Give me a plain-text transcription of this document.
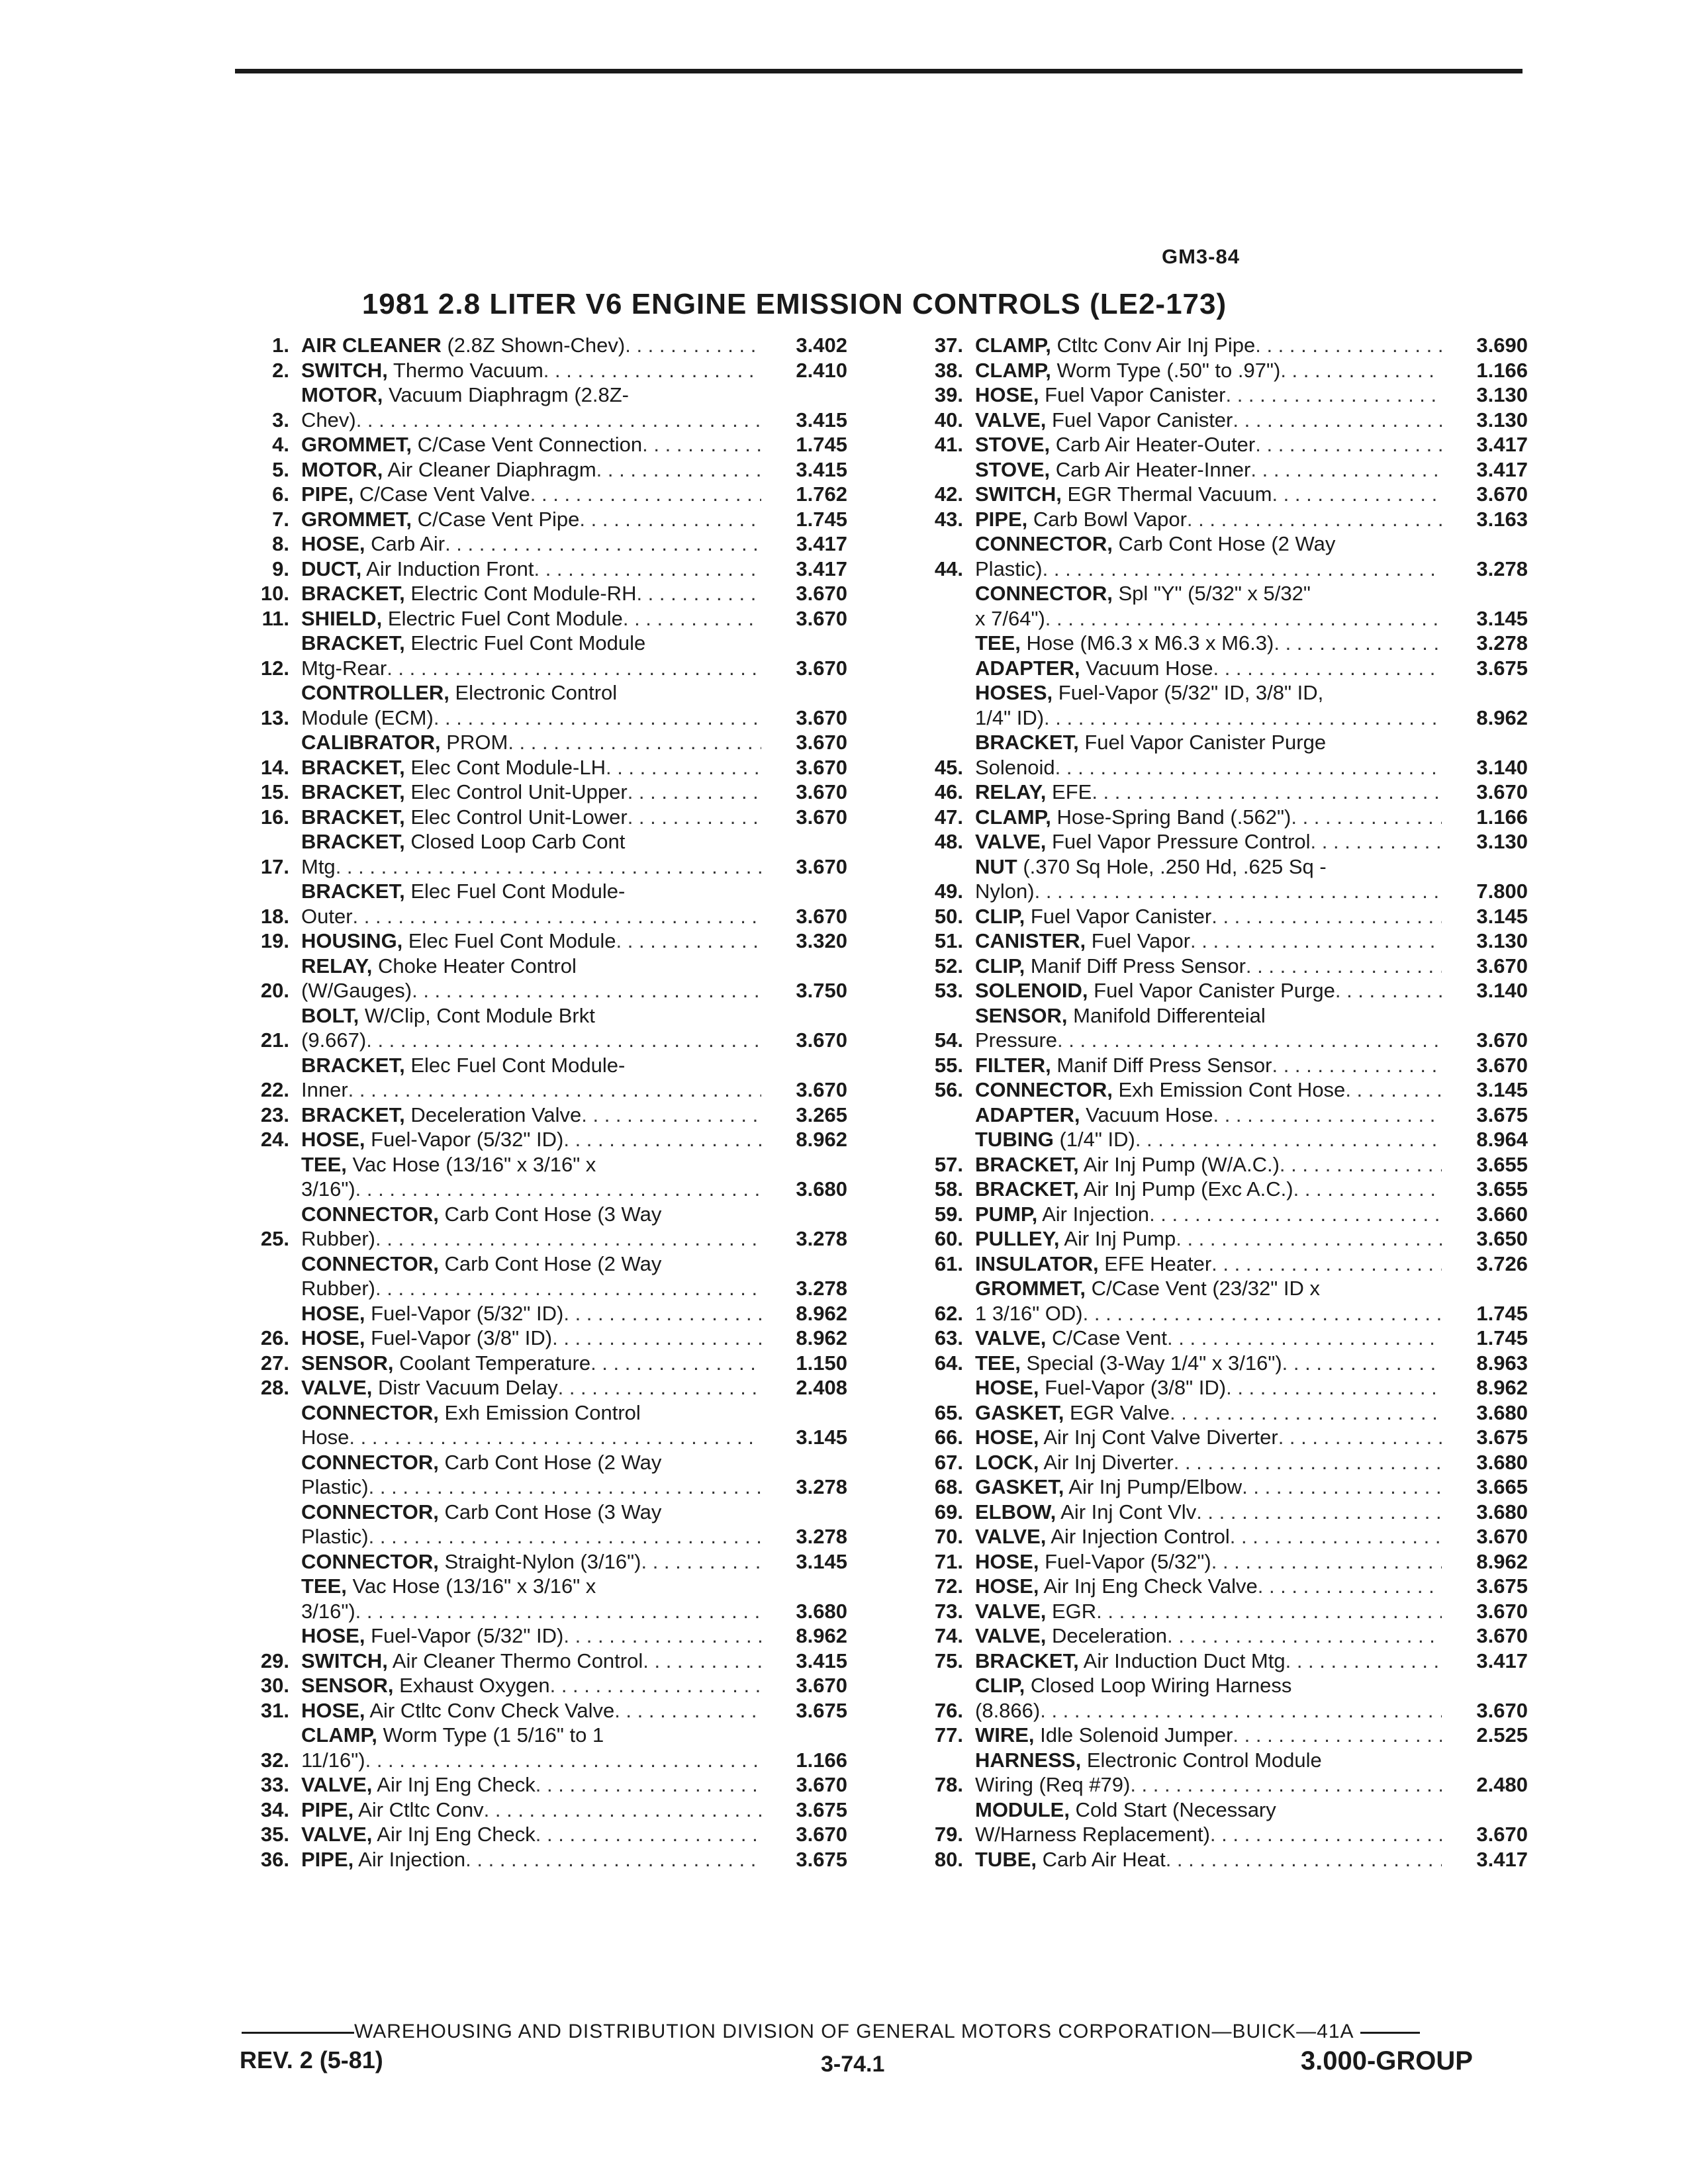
GM3-84
1981 2.8 LITER V6 ENGINE EMISSION CONTROLS (LE2-173)
1. AIR CLEANER (2.8Z Shown-Chev) . . .	3.402
2. SWITCH, Thermo Vacuum . . .	2.410
3.
MOTOR, Vacuum Diaphragm (2.8Z-
Chev) . . .	3.415
4. GROMMET, C/Case Vent Connection . . .	1.745
5. MOTOR, Air Cleaner Diaphragm . . .	3.415
6. PIPE, C/Case Vent Valve . . .	1.762
7. GROMMET, C/Case Vent Pipe . . .	1.745
8. HOSE, Carb Air . . .	3.417
9. DUCT, Air Induction Front . . .	3.417
10. BRACKET, Electric Cont Module-RH . . .	3.670
11. SHIELD, Electric Fuel Cont Module . . .	3.670
12.
BRACKET, Electric Fuel Cont Module
Mtg-Rear . . .	3.670
13.
CONTROLLER, Electronic Control
Module (ECM) . . .	3.670
CALIBRATOR, PROM . . .	3.670
14. BRACKET, Elec Cont Module-LH . . .	3.670
15. BRACKET, Elec Control Unit-Upper . . .	3.670
16. BRACKET, Elec Control Unit-Lower . . .	3.670
17.
BRACKET, Closed Loop Carb Cont
Mtg . . .	3.670
18.
BRACKET, Elec Fuel Cont Module-
Outer . . .	3.670
19. HOUSING, Elec Fuel Cont Module . . .	3.320
20.
RELAY, Choke Heater Control
(W/Gauges) . . .	3.750
21.
BOLT, W/Clip, Cont Module Brkt
(9.667) . . .	3.670
22.
BRACKET, Elec Fuel Cont Module-
Inner . . .	3.670
23. BRACKET, Deceleration Valve . . .	3.265
24. HOSE, Fuel-Vapor (5/32" ID) . . .	8.962
TEE, Vac Hose (13/16" x 3/16" x
3/16") . . .	3.680
25.
CONNECTOR, Carb Cont Hose (3 Way
Rubber) . . .	3.278
CONNECTOR, Carb Cont Hose (2 Way
Rubber) . . .	3.278
HOSE, Fuel-Vapor (5/32" ID) . . .	8.962
26. HOSE, Fuel-Vapor (3/8" ID) . . .	8.962
27. SENSOR, Coolant Temperature . . .	1.150
28. VALVE, Distr Vacuum Delay . . .	2.408
CONNECTOR, Exh Emission Control
Hose . . .	3.145
CONNECTOR, Carb Cont Hose (2 Way
Plastic) . . .	3.278
CONNECTOR, Carb Cont Hose (3 Way
Plastic) . . .	3.278
CONNECTOR, Straight-Nylon (3/16") . . .	3.145
TEE, Vac Hose (13/16" x 3/16" x
3/16") . . .	3.680
HOSE, Fuel-Vapor (5/32" ID) . . .	8.962
29. SWITCH, Air Cleaner Thermo Control . . .	3.415
30. SENSOR, Exhaust Oxygen . . .	3.670
31. HOSE, Air Ctltc Conv Check Valve . . .	3.675
32.
CLAMP, Worm Type (1 5/16" to 1
11/16") . . .	1.166
33. VALVE, Air Inj Eng Check . . .	3.670
34. PIPE, Air Ctltc Conv . . .	3.675
35. VALVE, Air Inj Eng Check . . .	3.670
36. PIPE, Air Injection . . .	3.675
37. CLAMP, Ctltc Conv Air Inj Pipe . . .	3.690
38. CLAMP, Worm Type (.50" to .97") . . .	1.166
39. HOSE, Fuel Vapor Canister . . .	3.130
40. VALVE, Fuel Vapor Canister . . .	3.130
41. STOVE, Carb Air Heater-Outer . . .	3.417
STOVE, Carb Air Heater-Inner . . .	3.417
42. SWITCH, EGR Thermal Vacuum . . .	3.670
43. PIPE, Carb Bowl Vapor . . .	3.163
44.
CONNECTOR, Carb Cont Hose (2 Way
Plastic) . . .	3.278
CONNECTOR, Spl "Y" (5/32" x 5/32"
x 7/64") . . .	3.145
TEE, Hose (M6.3 x M6.3 x M6.3) . . .	3.278
ADAPTER, Vacuum Hose . . .	3.675
HOSES, Fuel-Vapor (5/32" ID, 3/8" ID,
1/4" ID) . . .	8.962
45.
BRACKET, Fuel Vapor Canister Purge
Solenoid . . .	3.140
46. RELAY, EFE . . .	3.670
47. CLAMP, Hose-Spring Band (.562") . . .	1.166
48. VALVE, Fuel Vapor Pressure Control . . .	3.130
49.
NUT (.370 Sq Hole, .250 Hd, .625 Sq -
Nylon) . . .	7.800
50. CLIP, Fuel Vapor Canister . . .	3.145
51. CANISTER, Fuel Vapor . . .	3.130
52. CLIP, Manif Diff Press Sensor . . .	3.670
53. SOLENOID, Fuel Vapor Canister Purge . . .	3.140
54.
SENSOR, Manifold Differenteial
Pressure . . .	3.670
55. FILTER, Manif Diff Press Sensor . . .	3.670
56. CONNECTOR, Exh Emission Cont Hose . . .	3.145
ADAPTER, Vacuum Hose . . .	3.675
TUBING (1/4" ID) . . .	8.964
57. BRACKET, Air Inj Pump (W/A.C.) . . .	3.655
58. BRACKET, Air Inj Pump (Exc A.C.) . . .	3.655
59. PUMP, Air Injection . . .	3.660
60. PULLEY, Air Inj Pump . . .	3.650
61. INSULATOR, EFE Heater . . .	3.726
62.
GROMMET, C/Case Vent (23/32" ID x
1 3/16" OD) . . .	1.745
63. VALVE, C/Case Vent . . .	1.745
64. TEE, Special (3-Way 1/4" x 3/16") . . .	8.963
HOSE, Fuel-Vapor (3/8" ID) . . .	8.962
65. GASKET, EGR Valve . . .	3.680
66. HOSE, Air Inj Cont Valve Diverter . . .	3.675
67. LOCK, Air Inj Diverter . . .	3.680
68. GASKET, Air Inj Pump/Elbow . . .	3.665
69. ELBOW, Air Inj Cont Vlv . . .	3.680
70. VALVE, Air Injection Control . . .	3.670
71. HOSE, Fuel-Vapor (5/32") . . .	8.962
72. HOSE, Air Inj Eng Check Valve . . .	3.675
73. VALVE, EGR . . .	3.670
74. VALVE, Deceleration . . .	3.670
75. BRACKET, Air Induction Duct Mtg . . .	3.417
76.
CLIP, Closed Loop Wiring Harness
(8.866) . . .	3.670
77. WIRE, Idle Solenoid Jumper . . .	2.525
78.
HARNESS, Electronic Control Module
Wiring (Req #79) . . .	2.480
79.
MODULE, Cold Start (Necessary
W/Harness Replacement) . . .	3.670
80. TUBE, Carb Air Heat . . .	3.417
WAREHOUSING AND DISTRIBUTION DIVISION OF GENERAL MOTORS CORPORATION—BUICK—41A
REV. 2 (5-81)	3-74.1	3.000-GROUP
